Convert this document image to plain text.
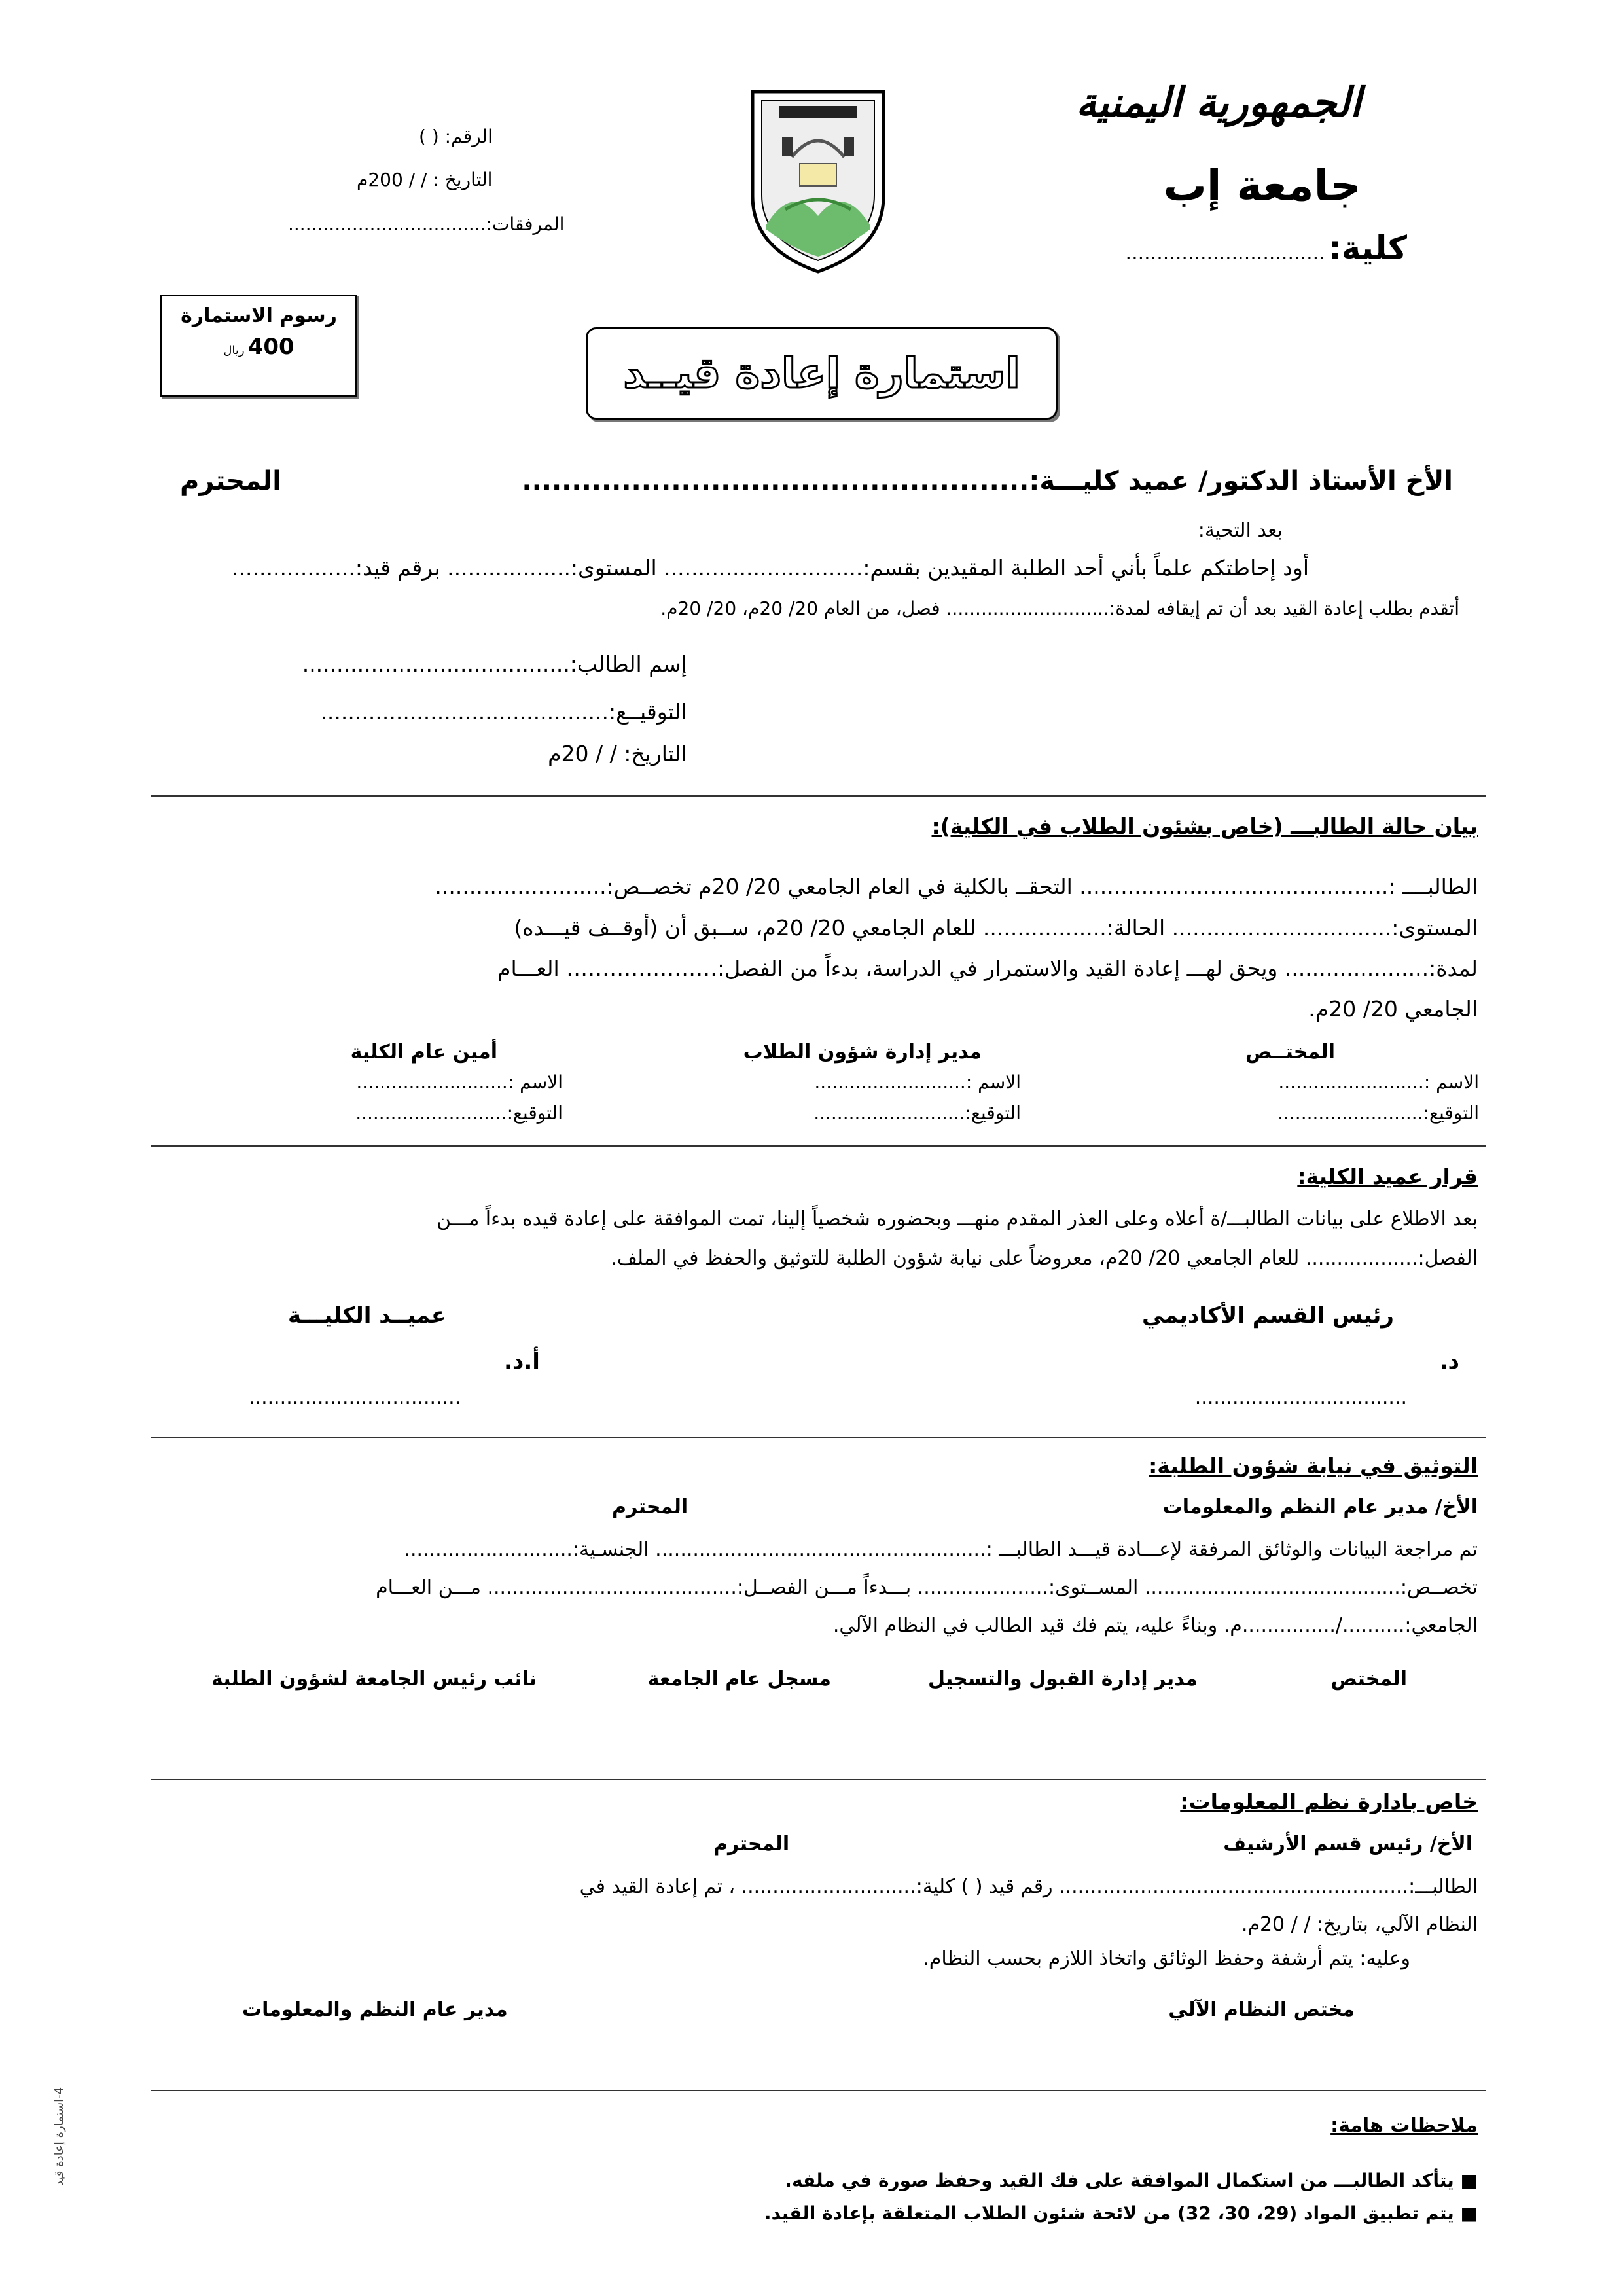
الجمهورية اليمنية
جامعة إب
كلية: ................................
الرقم: ( )
التاريخ : / / 200م
المرفقات:..................................
رسوم الاستمارة
400 ريال	استمارة إعادة قيــد
الأخ الأستاذ الدكتور/ عميد كليـــة:...................................................
المحترم
بعد التحية:
أود إحاطتكم علماً بأني أحد الطلبة المقيدين بقسم:............................. المستوى:.................. برقم قيد:..................
أتقدم بطلب إعادة القيد بعد أن تم إيقافه لمدة:............................ فصل، من العام 20/ 20م، 20/ 20م.
إسم الطالب:.......................................
التوقيــع:..........................................
التاريخ: / / 20م
بيان حالة الطالبـــ (خاص بشئون الطلاب في الكلية):
الطالبــــ :............................................. التحقــ بالكلية في العام الجامعي 20/ 20م تخصــص:.........................
المستوى:................................ الحالة:.................. للعام الجامعي 20/ 20م، ســبق أن (أوقــف قيـــده)
لمدة:..................... ويحق لهـــ إعادة القيد والاستمرار في الدراسة، بدءاً من الفصل:………………… العـــام
الجامعي 20/ 20م.
المختــص
الاسم :.........................
التوقيع:.........................
مدير إدارة شؤون الطلاب
الاسم :..........................
التوقيع:..........................
أمين عام الكلية
الاسم :..........................
التوقيع:..........................
قرار عميد الكلية:
بعد الاطلاع على بيانات الطالبـــ/ة أعلاه وعلى العذر المقدم منهـــ وبحضوره شخصياً إلينا، تمت الموافقة على إعادة قيده بدءاً مـــن
الفصل:.................. للعام الجامعي 20/ 20م، معروضاً على نيابة شؤون الطلبة للتوثيق والحفظ في الملف.
رئيس القسم الأكاديمي
د.
..................................
عميــد الكليـــة
أ.د.
..................................
التوثيق في نيابة شؤون الطلبة:
الأخ/ مدير عام النظم والمعلومات
المحترم
تم مراجعة البيانات والوثائق المرفقة لإعـــادة قيـــد الطالبـــ :..................................................... الجنسـية:...........................
تخصــص:......................................... المســتوى:..................... بـــدءاً مـــن الفصــل:........................................ مـــن العـــام
الجامعي:........../...............م. وبناءً عليه، يتم فك قيد الطالب في النظام الآلي.
المختص
مدير إدارة القبول والتسجيل
مسجل عام الجامعة
نائب رئيس الجامعة لشؤون الطلبة
خاص بادارة نظم المعلومات:
الأخ/ رئيس قسم الأرشيف
المحترم
الطالبـــ:........................................................ رقم قيد ( ) كلية:............................ ، تم إعادة القيد في
النظام الآلي، بتاريخ: / / 20م.
وعليه: يتم أرشفة وحفظ الوثائق واتخاذ اللازم بحسب النظام.
مختص النظام الآلي
مدير عام النظم والمعلومات
ملاحظات هامة:
■ يتأكد الطالبـــ من استكمال الموافقة على فك القيد وحفظ صورة في ملفه.
■ يتم تطبيق المواد (29، 30، 32) من لائحة شئون الطلاب المتعلقة بإعادة القيد.
4-استمارة إعادة قيد
